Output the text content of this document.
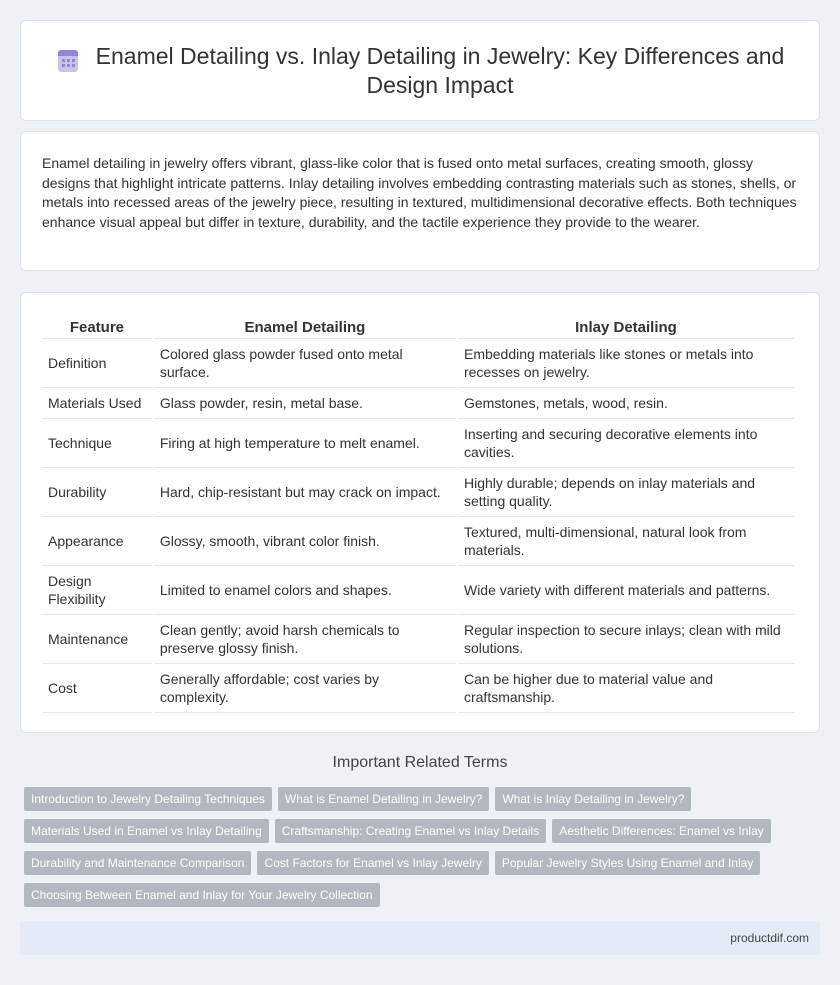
Enamel Detailing vs. Inlay Detailing in Jewelry: Key Differences and Design Impact

Enamel detailing in jewelry offers vibrant, glass-like color that is fused onto metal surfaces, creating smooth, glossy designs that highlight intricate patterns. Inlay detailing involves embedding contrasting materials such as stones, shells, or metals into recessed areas of the jewelry piece, resulting in textured, multidimensional decorative effects. Both techniques enhance visual appeal but differ in texture, durability, and the tactile experience they provide to the wearer.

Feature	Enamel Detailing	Inlay Detailing
Definition	Colored glass powder fused onto metal surface.	Embedding materials like stones or metals into recesses on jewelry.
Materials Used	Glass powder, resin, metal base.	Gemstones, metals, wood, resin.
Technique	Firing at high temperature to melt enamel.	Inserting and securing decorative elements into cavities.
Durability	Hard, chip-resistant but may crack on impact.	Highly durable; depends on inlay materials and setting quality.
Appearance	Glossy, smooth, vibrant color finish.	Textured, multi-dimensional, natural look from materials.
Design Flexibility	Limited to enamel colors and shapes.	Wide variety with different materials and patterns.
Maintenance	Clean gently; avoid harsh chemicals to preserve glossy finish.	Regular inspection to secure inlays; clean with mild solutions.
Cost	Generally affordable; cost varies by complexity.	Can be higher due to material value and craftsmanship.
Important Related Terms
Introduction to Jewelry Detailing Techniques	What is Enamel Detailing in Jewelry?	What is Inlay Detailing in Jewelry?
Materials Used in Enamel vs Inlay Detailing	Craftsmanship: Creating Enamel vs Inlay Details	Aesthetic Differences: Enamel vs Inlay
Durability and Maintenance Comparison	Cost Factors for Enamel vs Inlay Jewelry	Popular Jewelry Styles Using Enamel and Inlay
Choosing Between Enamel and Inlay for Your Jewelry Collection
productdif.com
